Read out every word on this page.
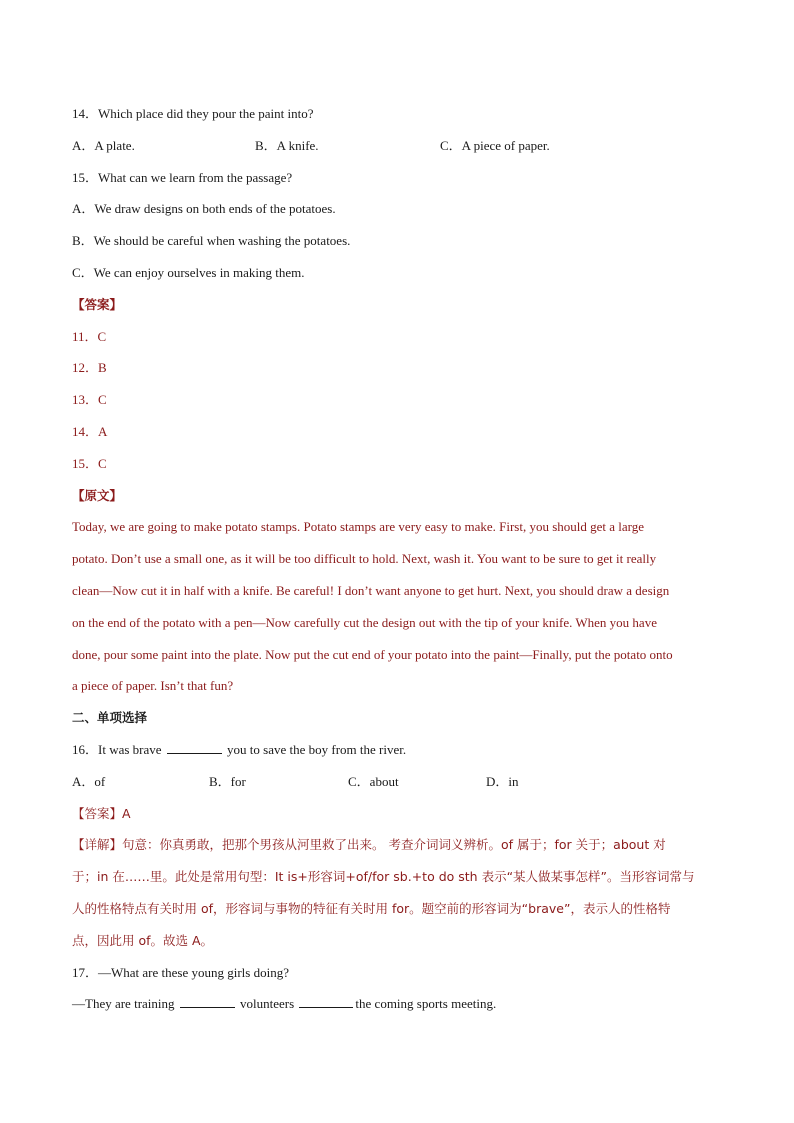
14．Which place did they pour the paint into?
A．A plate.	B．A knife.	C．A piece of paper.
15．What can we learn from the passage?
A．We draw designs on both ends of the potatoes.
B．We should be careful when washing the potatoes.
C．We can enjoy ourselves in making them.
【答案】
11．C
12．B
13．C
14．A
15．C
【原文】
Today, we are going to make potato stamps. Potato stamps are very easy to make. First, you should get a large
potato. Don’t use a small one, as it will be too difficult to hold. Next, wash it. You want to be sure to get it really
clean—Now cut it in half with a knife. Be careful! I don’t want anyone to get hurt. Next, you should draw a design
on the end of the potato with a pen—Now carefully cut the design out with the tip of your knife. When you have
done, pour some paint into the plate. Now put the cut end of your potato into the paint—Finally, put the potato onto
a piece of paper. Isn’t that fun?
二、单项选择
16．It was brave	you to save the boy from the river.
A．of	B．for	C．about	D．in
【答案】A
【详解】句意：你真勇敢，把那个男孩从河里救了出来。 考查介词词义辨析。of 属于；for 关于；about 对
于；in 在……里。此处是常用句型：It is+形容词+of/for sb.+to do sth 表示“某人做某事怎样”。当形容词常与
人的性格特点有关时用 of，形容词与事物的特征有关时用 for。题空前的形容词为“brave”，表示人的性格特
点，因此用 of。故选 A。
17．—What are these young girls doing?
—They are training	volunteers	the coming sports meeting.
